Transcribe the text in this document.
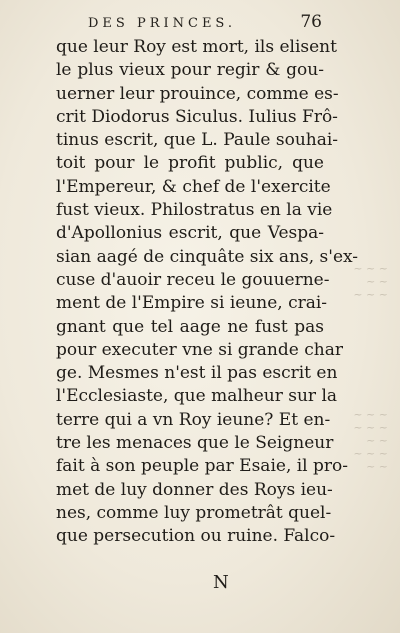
~ ~ ~
~ ~
~ ~ ~
~ ~ ~
~ ~ ~
~ ~
~ ~ ~
~ ~
DES PRINCES.	76
que leur Roy est mort, ils elisent
le plus vieux pour regir & gou-
uerner leur prouince, comme es-
crit Diodorus Siculus. Iulius Frô-
tinus escrit, que L. Paule souhai-
toit pour le profit public, que
l'Empereur, & chef de l'exercite
fust vieux. Philostratus en la vie
d'Apollonius escrit, que Vespa-
sian aagé de cinquâte six ans, s'ex-
cuse d'auoir receu le gouuerne-
ment de l'Empire si ieune, crai-
gnant que tel aage ne fust pas
pour executer vne si grande char
ge. Mesmes n'est il pas escrit en
l'Ecclesiaste, que malheur sur la
terre qui a vn Roy ieune? Et en-
tre les menaces que le Seigneur
fait à son peuple par Esaie, il pro-
met de luy donner des Roys ieu-
nes, comme luy prometrât quel-
que persecution ou ruine. Falco-
N
